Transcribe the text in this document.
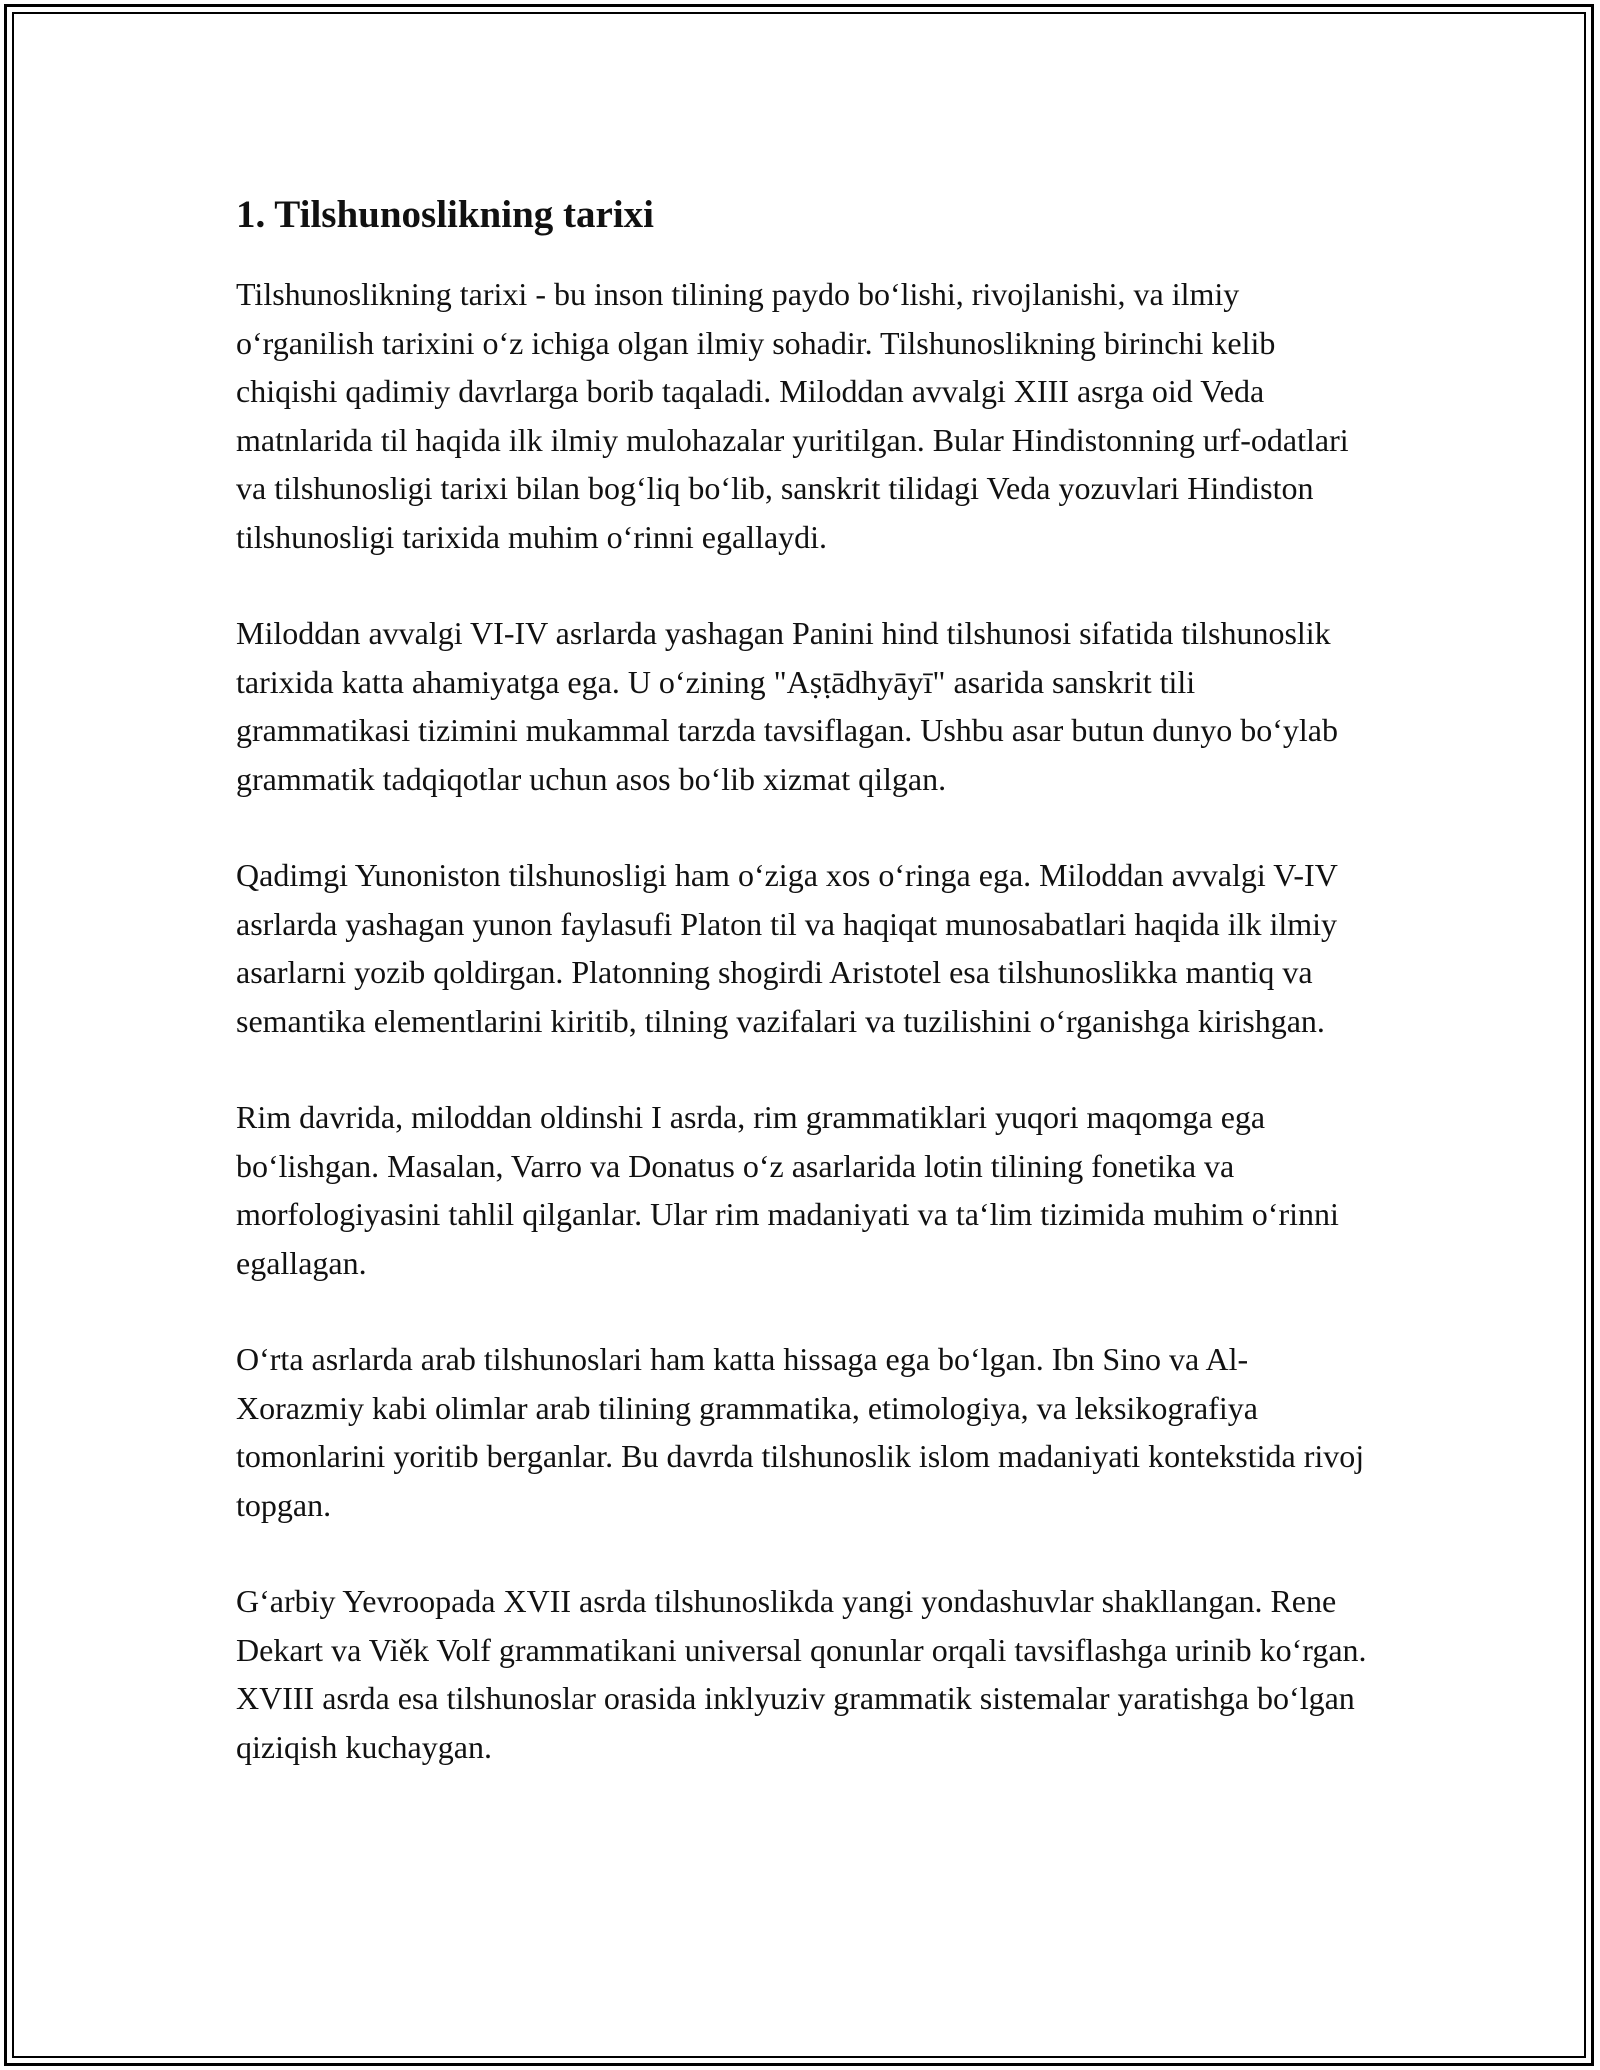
1. Tilshunoslikning tarixi

Tilshunoslikning tarixi - bu inson tilining paydo boʻlishi, rivojlanishi, va ilmiy oʻrganilish tarixini oʻz ichiga olgan ilmiy sohadir. Tilshunoslikning birinchi kelib chiqishi qadimiy davrlarga borib taqaladi. Miloddan avvalgi XIII asrga oid Veda matnlarida til haqida ilk ilmiy mulohazalar yuritilgan. Bular Hindistonning urf-odatlari va tilshunosligi tarixi bilan bogʻliq boʻlib, sanskrit tilidagi Veda yozuvlari Hindiston tilshunosligi tarixida muhim oʻrinni egallaydi.

Miloddan avvalgi VI-IV asrlarda yashagan Panini hind tilshunosi sifatida tilshunoslik tarixida katta ahamiyatga ega. U oʻzining "Aṣṭādhyāyī" asarida sanskrit tili grammatikasi tizimini mukammal tarzda tavsiflagan. Ushbu asar butun dunyo boʻylab grammatik tadqiqotlar uchun asos boʻlib xizmat qilgan.

Qadimgi Yunoniston tilshunosligi ham oʻziga xos oʻringa ega. Miloddan avvalgi V-IV asrlarda yashagan yunon faylasufi Platon til va haqiqat munosabatlari haqida ilk ilmiy asarlarni yozib qoldirgan. Platonning shogirdi Aristotel esa tilshunoslikka mantiq va semantika elementlarini kiritib, tilning vazifalari va tuzilishini oʻrganishga kirishgan.

Rim davrida, miloddan oldinshi I asrda, rim grammatiklari yuqori maqomga ega boʻlishgan. Masalan, Varro va Donatus oʻz asarlarida lotin tilining fonetika va morfologiyasini tahlil qilganlar. Ular rim madaniyati va taʻlim tizimida muhim oʻrinni egallagan.

Oʻrta asrlarda arab tilshunoslari ham katta hissaga ega boʻlgan. Ibn Sino va Al-Xorazmiy kabi olimlar arab tilining grammatika, etimologiya, va leksikografiya tomonlarini yoritib berganlar. Bu davrda tilshunoslik islom madaniyati kontekstida rivoj topgan.

Gʻarbiy Yevroopada XVII asrda tilshunoslikda yangi yondashuvlar shakllangan. Rene Dekart va Viěk Volf grammatikani universal qonunlar orqali tavsiflashga urinib koʻrgan. XVIII asrda esa tilshunoslar orasida inklyuziv grammatik sistemalar yaratishga boʻlgan qiziqish kuchaygan.
